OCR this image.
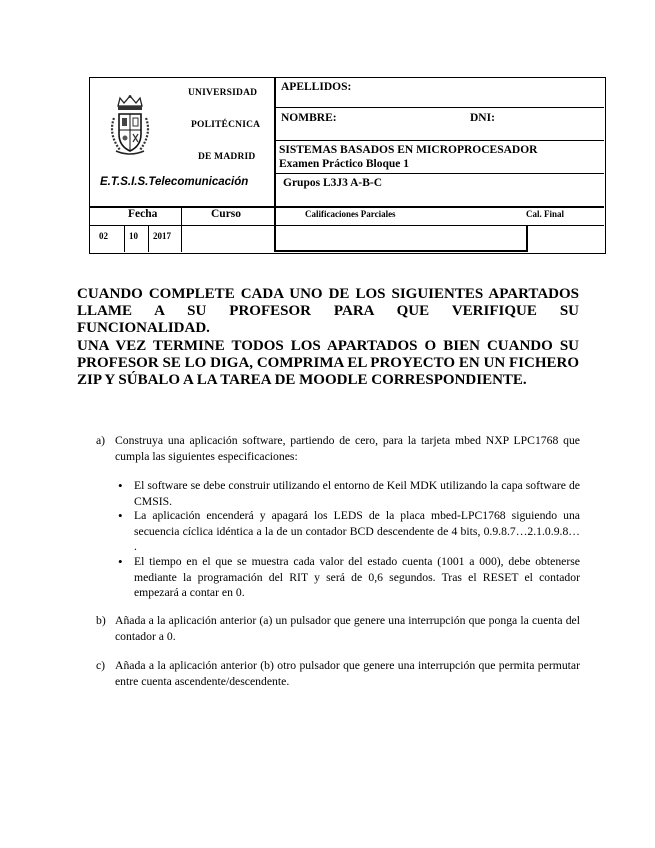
UNIVERSIDAD
POLITÉCNICA
DE MADRID
E.T.S.I.S.Telecomunicación
APELLIDOS:
NOMBRE:	DNI:
SISTEMAS BASADOS EN MICROPROCESADOR
Examen Práctico Bloque 1
Grupos L3J3 A-B-C
Fecha	Curso	Calificaciones Parciales	Cal. Final
02 10 2017
CUANDO COMPLETE CADA UNO DE LOS SIGUIENTES APARTADOS LLAME A SU PROFESOR PARA QUE VERIFIQUE SU FUNCIONALIDAD.
UNA VEZ TERMINE TODOS LOS APARTADOS O BIEN CUANDO SU PROFESOR SE LO DIGA, COMPRIMA EL PROYECTO EN UN FICHERO ZIP Y SÚBALO A LA TAREA DE MOODLE CORRESPONDIENTE.
a) Construya una aplicación software, partiendo de cero, para la tarjeta mbed NXP LPC1768 que cumpla las siguientes especificaciones:
• El software se debe construir utilizando el entorno de Keil MDK utilizando la capa software de CMSIS.
• La aplicación encenderá y apagará los LEDS de la placa mbed-LPC1768 siguiendo una secuencia cíclica idéntica a la de un contador BCD descendente de 4 bits, 0.9.8.7…2.1.0.9.8… .
• El tiempo en el que se muestra cada valor del estado cuenta (1001 a 000), debe obtenerse mediante la programación del RIT y será de 0,6 segundos. Tras el RESET el contador empezará a contar en 0.
b) Añada a la aplicación anterior (a) un pulsador que genere una interrupción que ponga la cuenta del contador a 0.
c) Añada a la aplicación anterior (b) otro pulsador que genere una interrupción que permita permutar entre cuenta ascendente/descendente.
